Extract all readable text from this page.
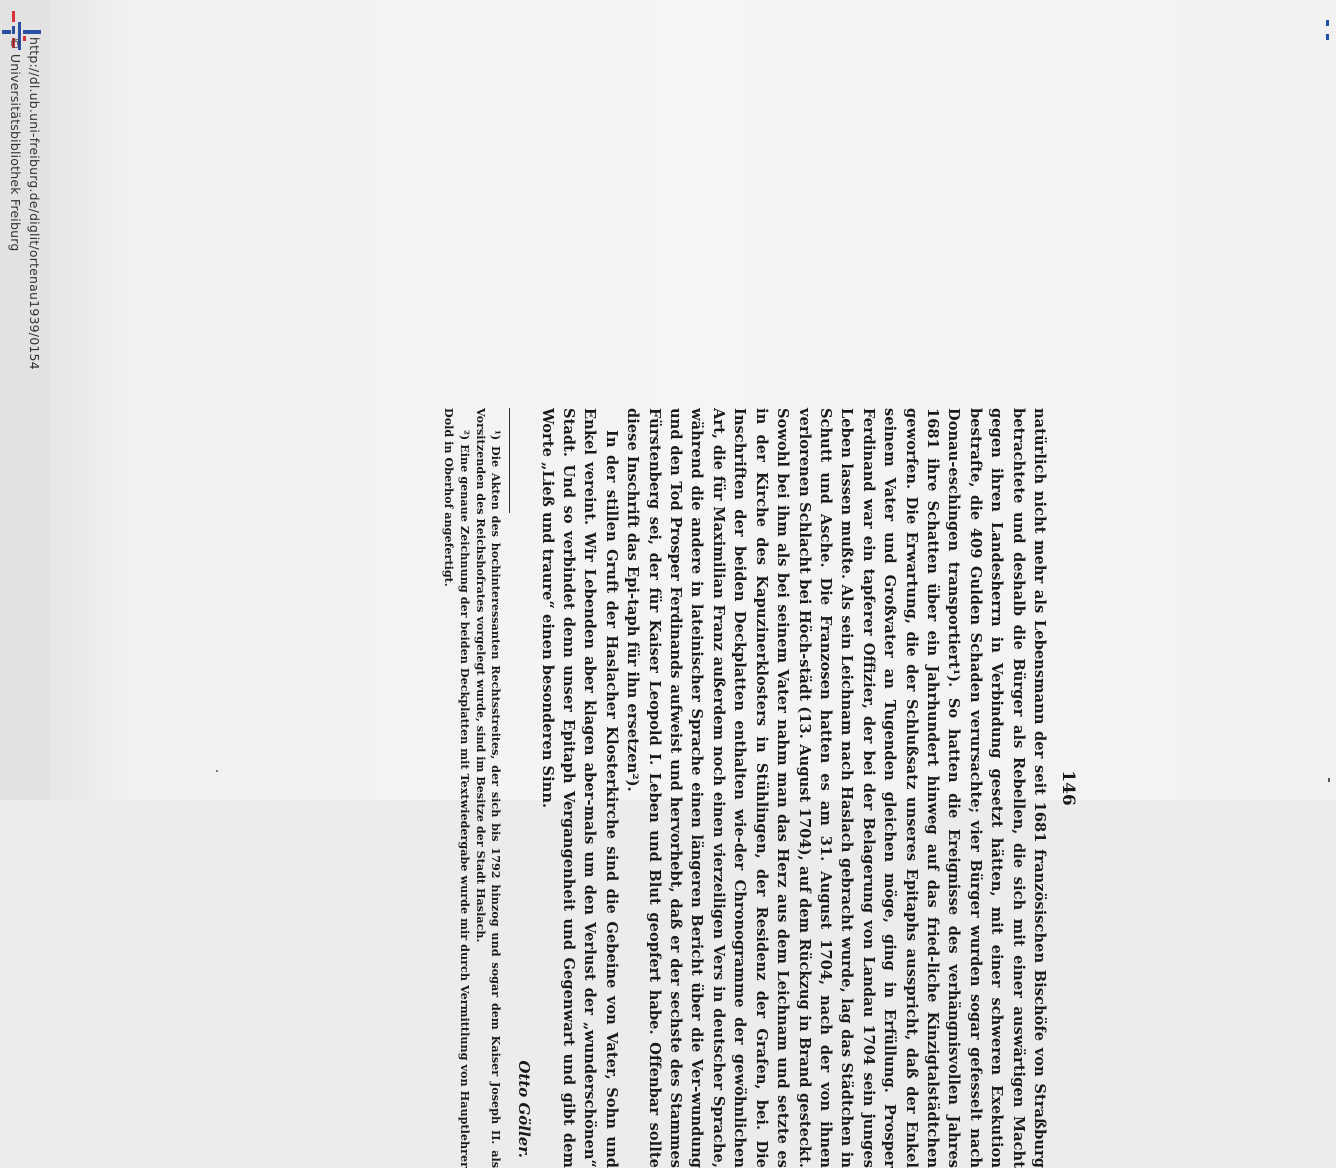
http://dl.ub.uni-freiburg.de/diglit/ortenau1939/0154
© Universitätsbibliothek Freiburg
146

natürlich nicht mehr als Lebensmann der seit 1681 französischen Bischöfe von Straßburg betrachtete und deshalb die Bürger als Rebellen, die sich mit einer auswärtigen Macht gegen ihren Landesherrn in Verbindung gesetzt hätten, mit einer schweren Exekution bestrafte, die 409 Gulden Schaden verursachte; vier Bürger wurden sogar gefesselt nach Donau-eschingen transportiert¹). So hatten die Ereignisse des verhängnisvollen Jahres 1681 ihre Schatten über ein Jahrhundert hinweg auf das fried-liche Kinzigtalstädtchen geworfen. Die Erwartung, die der Schlußsatz unseres Epitaphs ausspricht, daß der Enkel seinem Vater und Großvater an Tugenden gleichen möge, ging in Erfüllung. Prosper Ferdinand war ein tapferer Offizier, der bei der Belagerung von Landau 1704 sein junges Leben lassen mußte. Als sein Leichnam nach Haslach gebracht wurde, lag das Städtchen in Schutt und Asche. Die Franzosen hatten es am 31. August 1704, nach der von ihnen verlorenen Schlacht bei Höch-städt (13. August 1704), auf dem Rückzug in Brand gesteckt. Sowohl bei ihm als bei seinem Vater nahm man das Herz aus dem Leichnam und setzte es in der Kirche des Kapuzinerklosters in Stühlingen, der Residenz der Grafen, bei. Die Inschriften der beiden Deckplatten enthalten wie-der Chronogramme der gewöhnlichen Art, die für Maximilian Franz außerdem noch einen vierzeiligen Vers in deutscher Sprache, während die andere in lateinischer Sprache einen längeren Bericht über die Ver-wundung und den Tod Prosper Ferdinands aufweist und hervorhebt, daß er der sechste des Stammes Fürstenberg sei, der für Kaiser Leopold I. Leben und Blut geopfert habe. Offenbar sollte diese Inschrift das Epi-taph für ihn ersetzen²).

In der stillen Gruft der Haslacher Klosterkirche sind die Gebeine von Vater, Sohn und Enkel vereint. Wir Lebenden aber klagen aber-mals um den Verlust der „wunderschönen“ Stadt. Und so verbindet denn unser Epitaph Vergangenheit und Gegenwart und gibt dem Worte „Ließ und traure“ einen besonderen Sinn.

Otto Göller.

¹) Die Akten des hochinteressanten Rechtsstreites, der sich bis 1792 hinzog und sogar dem Kaiser Joseph II. als Vorsitzenden des Reichshofrates vorgelegt wurde, sind im Besitze der Stadt Haslach.

²) Eine genaue Zeichnung der beiden Deckplatten mit Textwiedergabe wurde mir durch Vermittlung von Hauptlehrer Dold in Oberhof angefertigt.
